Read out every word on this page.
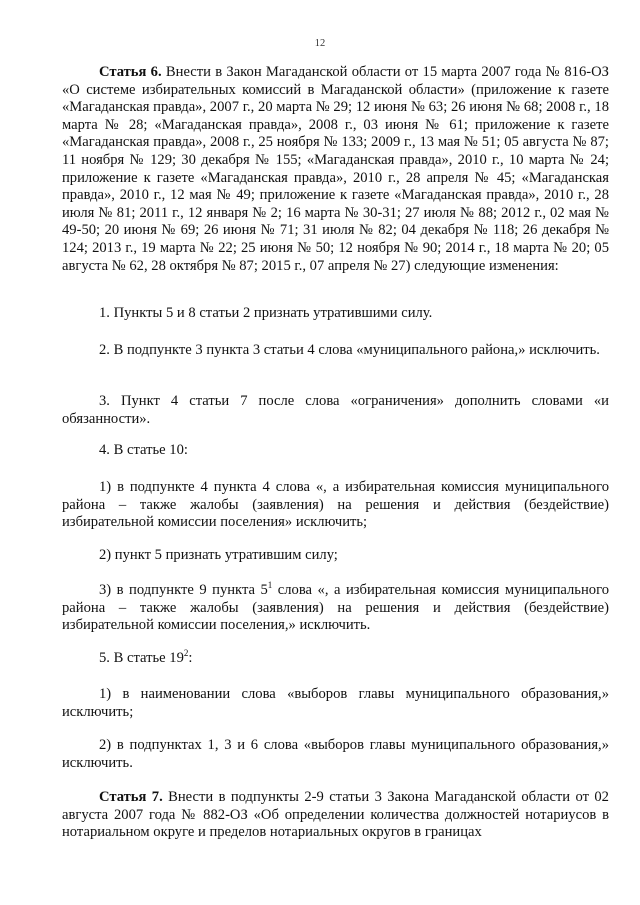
12
Статья 6. Внести в Закон Магаданской области от 15 марта 2007 года № 816-ОЗ «О системе избирательных комиссий в Магаданской области» (приложение к газете «Магаданская правда», 2007 г., 20 марта № 29; 12 июня № 63; 26 июня № 68; 2008 г., 18 марта № 28; «Магаданская правда», 2008 г., 03 июня № 61; приложение к газете «Магаданская правда», 2008 г., 25 ноября № 133; 2009 г., 13 мая № 51; 05 августа № 87; 11 ноября № 129; 30 декабря № 155; «Магаданская правда», 2010 г., 10 марта № 24; приложение к газете «Магаданская правда», 2010 г., 28 апреля № 45; «Магаданская правда», 2010 г., 12 мая № 49; приложение к газете «Магаданская правда», 2010 г., 28 июля № 81; 2011 г., 12 января № 2; 16 марта № 30-31; 27 июля № 88; 2012 г., 02 мая № 49-50; 20 июня № 69; 26 июня № 71; 31 июля № 82; 04 декабря № 118; 26 декабря № 124; 2013 г., 19 марта № 22; 25 июня № 50; 12 ноября № 90; 2014 г., 18 марта № 20; 05 августа № 62, 28 октября № 87; 2015 г., 07 апреля № 27) следующие изменения:
1. Пункты 5 и 8 статьи 2 признать утратившими силу.
2. В подпункте 3 пункта 3 статьи 4 слова «муниципального района,» исключить.
3. Пункт 4 статьи 7 после слова «ограничения» дополнить словами «и обязанности».
4. В статье 10:
1) в подпункте 4 пункта 4 слова «, а избирательная комиссия муниципального района – также жалобы (заявления) на решения и действия (бездействие) избирательной комиссии поселения» исключить;
2) пункт 5 признать утратившим силу;
3) в подпункте 9 пункта $5^1$ слова «, а избирательная комиссия муниципального района – также жалобы (заявления) на решения и действия (бездействие) избирательной комиссии поселения,» исключить.
5. В статье $19^2$:
1) в наименовании слова «выборов главы муниципального образования,» исключить;
2) в подпунктах 1, 3 и 6 слова «выборов главы муниципального образования,» исключить.
Статья 7. Внести в подпункты 2-9 статьи 3 Закона Магаданской области от 02 августа 2007 года № 882-ОЗ «Об определении количества должностей нотариусов в нотариальном округе и пределов нотариальных округов в границах
